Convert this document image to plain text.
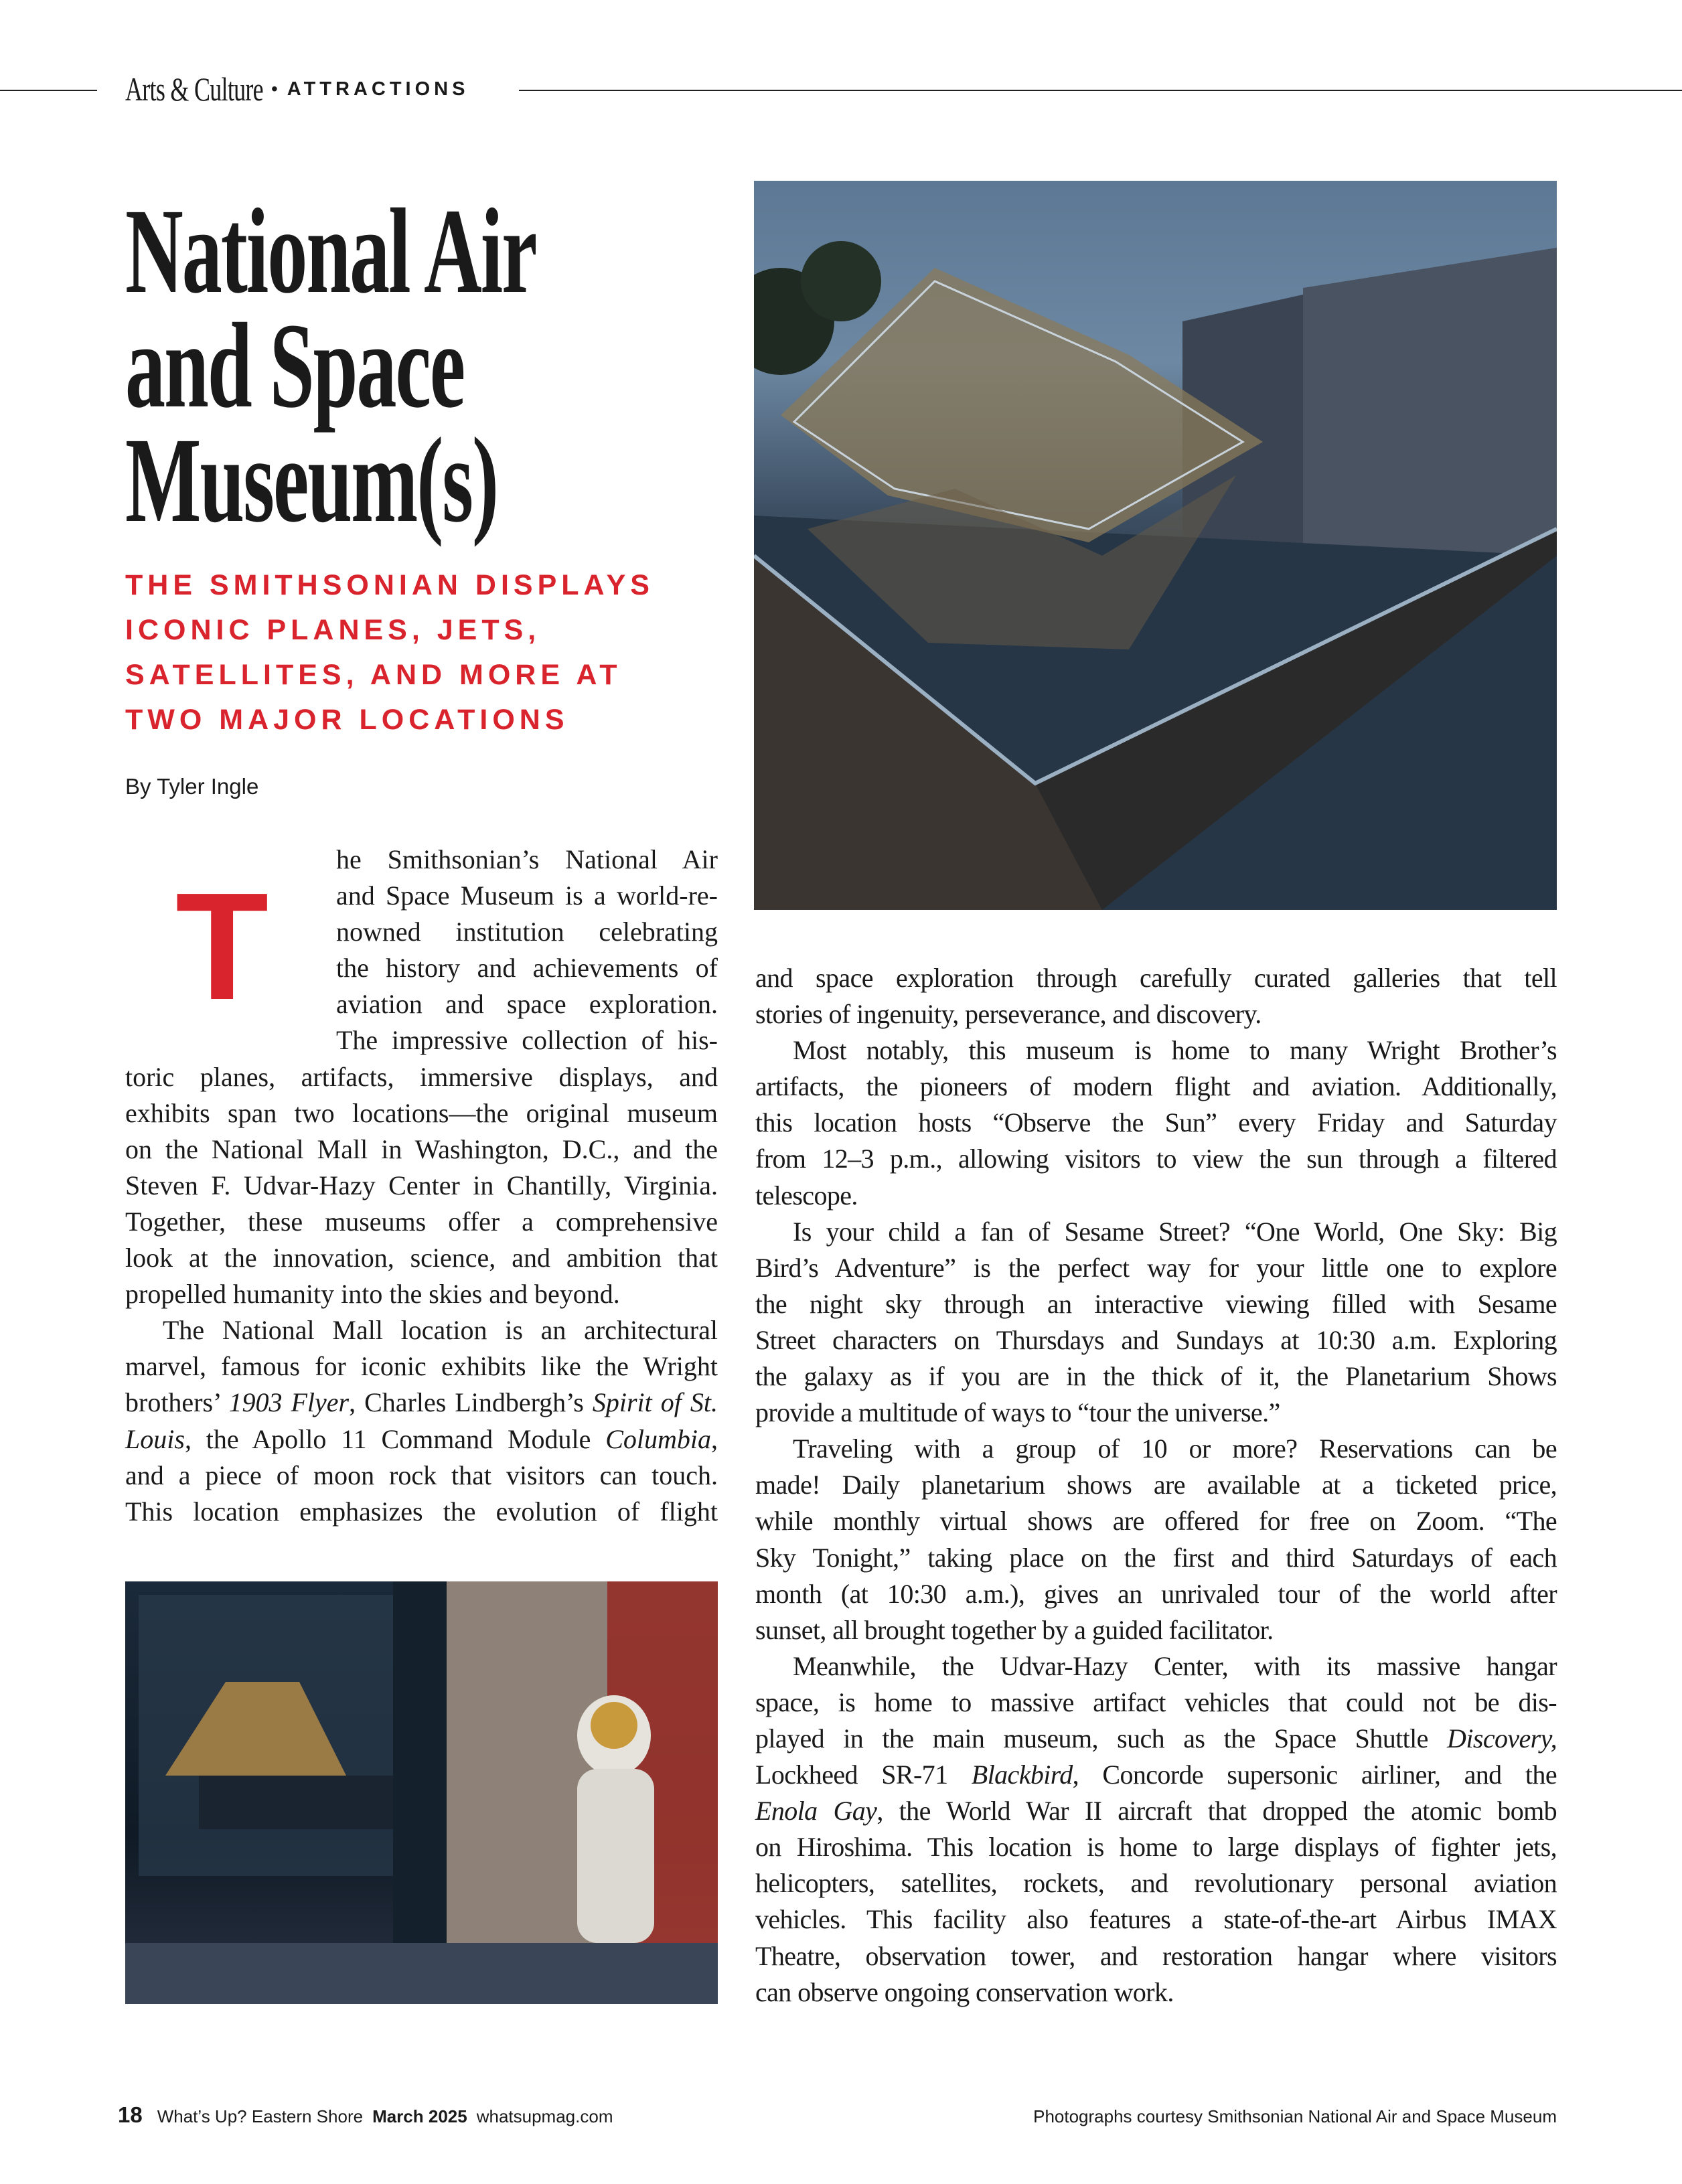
Arts & Culture • ATTRACTIONS
National Air
and Space
Museum(s)
THE SMITHSONIAN DISPLAYS
ICONIC PLANES, JETS,
SATELLITES, AND MORE AT
TWO MAJOR LOCATIONS
By Tyler Ingle
T
he Smithsonian’s National Air
and Space Museum is a world-re-
nowned institution celebrating
the history and achievements of
aviation and space exploration.
The impressive collection of his-
toric planes, artifacts, immersive displays, and
exhibits span two locations—the original museum
on the National Mall in Washington, D.C., and the
Steven F. Udvar-Hazy Center in Chantilly, Virginia.
Together, these museums offer a comprehensive
look at the innovation, science, and ambition that
propelled humanity into the skies and beyond.
The National Mall location is an architectural
marvel, famous for iconic exhibits like the Wright
brothers’ 1903 Flyer, Charles Lindbergh’s Spirit of St.
Louis, the Apollo 11 Command Module Columbia,
and a piece of moon rock that visitors can touch.
This location emphasizes the evolution of flight
and space exploration through carefully curated galleries that tell
stories of ingenuity, perseverance, and discovery.
Most notably, this museum is home to many Wright Brother’s
artifacts, the pioneers of modern flight and aviation. Additionally,
this location hosts “Observe the Sun” every Friday and Saturday
from 12–3 p.m., allowing visitors to view the sun through a filtered
telescope.
Is your child a fan of Sesame Street? “One World, One Sky: Big
Bird’s Adventure” is the perfect way for your little one to explore
the night sky through an interactive viewing filled with Sesame
Street characters on Thursdays and Sundays at 10:30 a.m. Exploring
the galaxy as if you are in the thick of it, the Planetarium Shows
provide a multitude of ways to “tour the universe.”
Traveling with a group of 10 or more? Reservations can be
made! Daily planetarium shows are available at a ticketed price,
while monthly virtual shows are offered for free on Zoom. “The
Sky Tonight,” taking place on the first and third Saturdays of each
month (at 10:30 a.m.), gives an unrivaled tour of the world after
sunset, all brought together by a guided facilitator.
Meanwhile, the Udvar-Hazy Center, with its massive hangar
space, is home to massive artifact vehicles that could not be dis-
played in the main museum, such as the Space Shuttle Discovery,
Lockheed SR-71 Blackbird, Concorde supersonic airliner, and the
Enola Gay, the World War II aircraft that dropped the atomic bomb
on Hiroshima. This location is home to large displays of fighter jets,
helicopters, satellites, rockets, and revolutionary personal aviation
vehicles. This facility also features a state-of-the-art Airbus IMAX
Theatre, observation tower, and restoration hangar where visitors
can observe ongoing conservation work.
18 What’s Up? Eastern Shore March 2025 whatsupmag.com	Photographs courtesy Smithsonian National Air and Space Museum
